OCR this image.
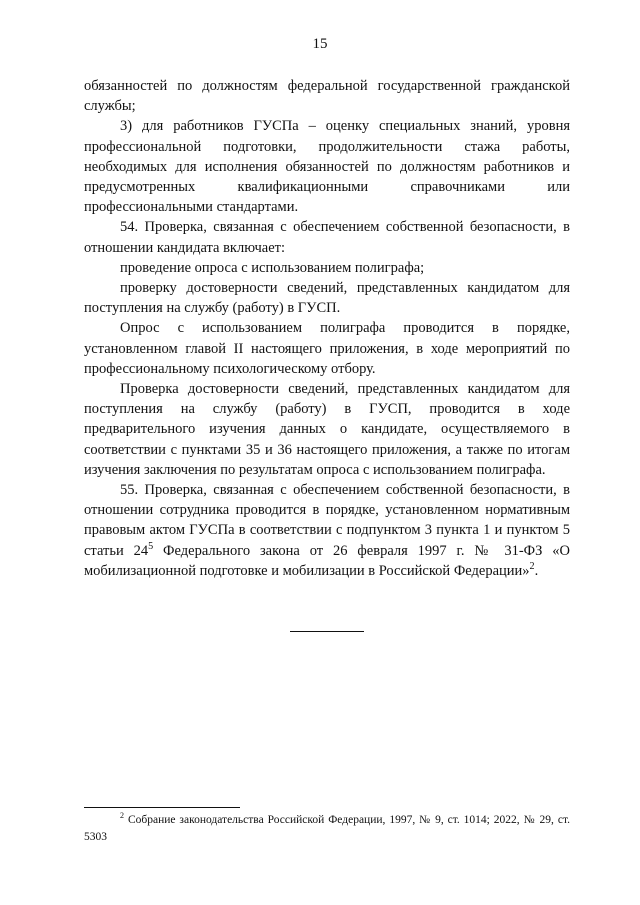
15

обязанностей по должностям федеральной государственной гражданской службы;

3) для работников ГУСПа – оценку специальных знаний, уровня профессиональной подготовки, продолжительности стажа работы, необходимых для исполнения обязанностей по должностям работников и предусмотренных квалификационными справочниками или профессиональными стандартами.

54. Проверка, связанная с обеспечением собственной безопасности, в отношении кандидата включает:

проведение опроса с использованием полиграфа;

проверку достоверности сведений, представленных кандидатом для поступления на службу (работу) в ГУСП.

Опрос с использованием полиграфа проводится в порядке, установленном главой II настоящего приложения, в ходе мероприятий по профессиональному психологическому отбору.

Проверка достоверности сведений, представленных кандидатом для поступления на службу (работу) в ГУСП, проводится в ходе предварительного изучения данных о кандидате, осуществляемого в соответствии с пунктами 35 и 36 настоящего приложения, а также по итогам изучения заключения по результатам опроса с использованием полиграфа.

55. Проверка, связанная с обеспечением собственной безопасности, в отношении сотрудника проводится в порядке, установленном нормативным правовым актом ГУСПа в соответствии с подпунктом 3 пункта 1 и пунктом 5 статьи $24^5$ Федерального закона от 26 февраля 1997 г. № 31-ФЗ «О мобилизационной подготовке и мобилизации в Российской Федерации»$^2$.

$^2$ Собрание законодательства Российской Федерации, 1997, № 9, ст. 1014; 2022, № 29, ст. 5303
